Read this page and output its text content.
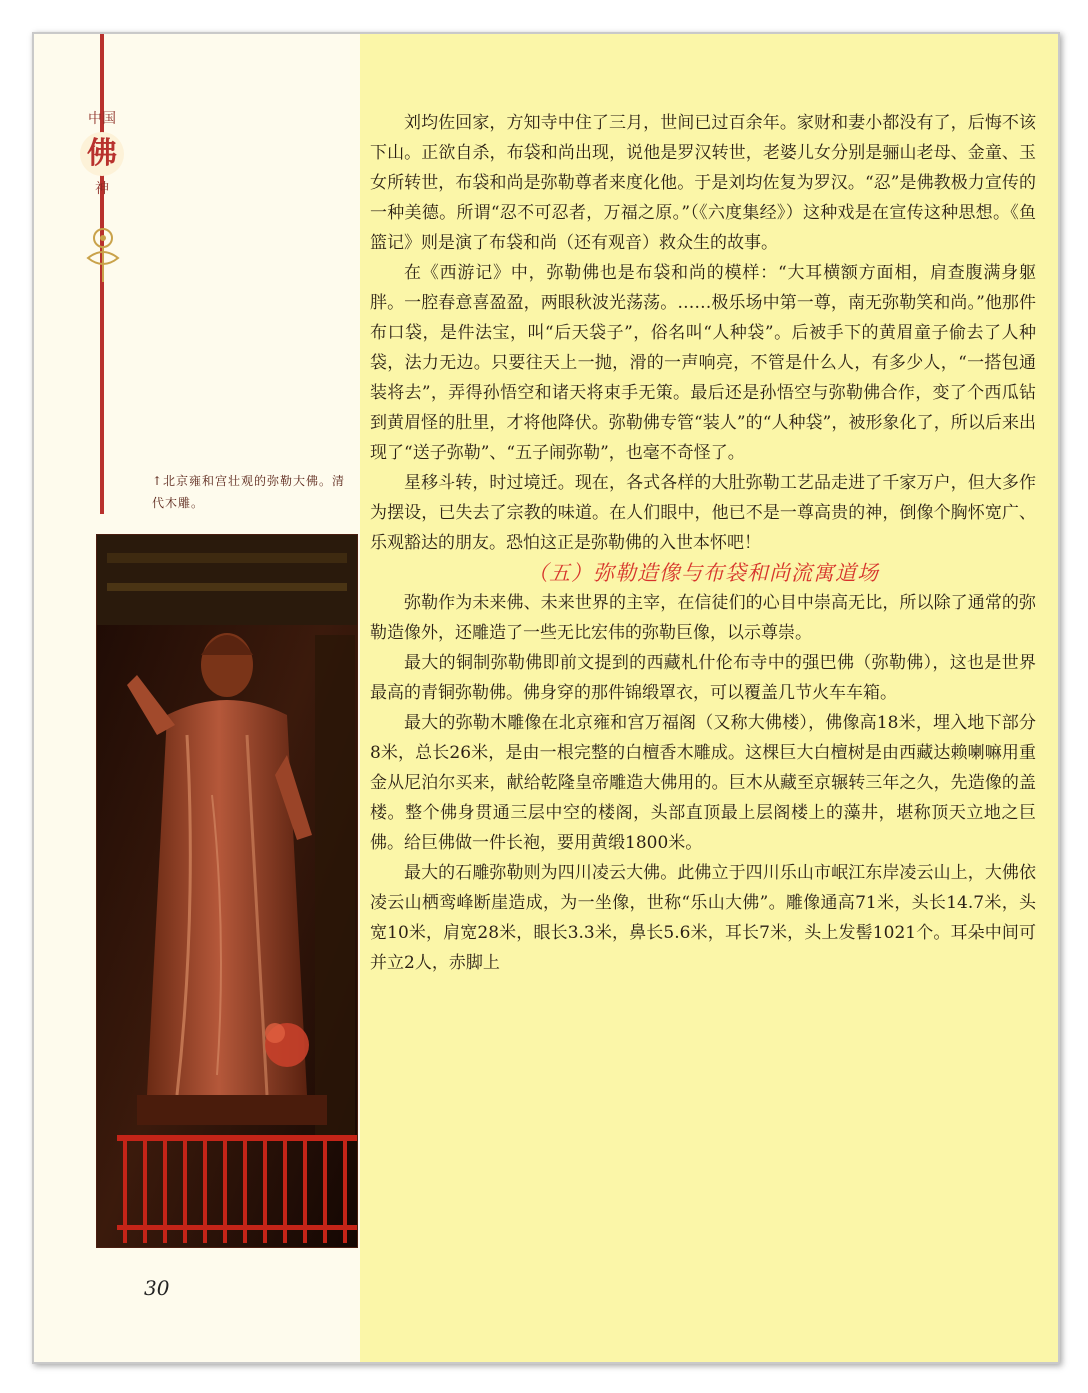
中国
佛
神
↑北京雍和宫壮观的弥勒大佛。清代木雕。
30

刘均佐回家，方知寺中住了三月，世间已过百余年。家财和妻小都没有了，后悔不该下山。正欲自杀，布袋和尚出现，说他是罗汉转世，老婆儿女分别是骊山老母、金童、玉女所转世，布袋和尚是弥勒尊者来度化他。于是刘均佐复为罗汉。“忍”是佛教极力宣传的一种美德。所谓“忍不可忍者，万福之原。”（《六度集经》）这种戏是在宣传这种思想。《鱼篮记》则是演了布袋和尚（还有观音）救众生的故事。

在《西游记》中，弥勒佛也是布袋和尚的模样：“大耳横额方面相，肩查腹满身躯胖。一腔春意喜盈盈，两眼秋波光荡荡。……极乐场中第一尊，南无弥勒笑和尚。”他那件布口袋，是件法宝，叫“后天袋子”，俗名叫“人种袋”。后被手下的黄眉童子偷去了人种袋，法力无边。只要往天上一抛，滑的一声响亮，不管是什么人，有多少人，“一搭包通装将去”，弄得孙悟空和诸天将束手无策。最后还是孙悟空与弥勒佛合作，变了个西瓜钻到黄眉怪的肚里，才将他降伏。弥勒佛专管“装人”的“人种袋”，被形象化了，所以后来出现了“送子弥勒”、“五子闹弥勒”，也毫不奇怪了。

星移斗转，时过境迁。现在，各式各样的大肚弥勒工艺品走进了千家万户，但大多作为摆设，已失去了宗教的味道。在人们眼中，他已不是一尊高贵的神，倒像个胸怀宽广、乐观豁达的朋友。恐怕这正是弥勒佛的入世本怀吧！

（五）弥勒造像与布袋和尚流寓道场

弥勒作为未来佛、未来世界的主宰，在信徒们的心目中崇高无比，所以除了通常的弥勒造像外，还雕造了一些无比宏伟的弥勒巨像，以示尊崇。

最大的铜制弥勒佛即前文提到的西藏札什伦布寺中的强巴佛（弥勒佛），这也是世界最高的青铜弥勒佛。佛身穿的那件锦缎罩衣，可以覆盖几节火车车箱。

最大的弥勒木雕像在北京雍和宫万福阁（又称大佛楼），佛像高18米，埋入地下部分8米，总长26米，是由一根完整的白檀香木雕成。这棵巨大白檀树是由西藏达赖喇嘛用重金从尼泊尔买来，献给乾隆皇帝雕造大佛用的。巨木从藏至京辗转三年之久，先造像的盖楼。整个佛身贯通三层中空的楼阁，头部直顶最上层阁楼上的藻井，堪称顶天立地之巨佛。给巨佛做一件长袍，要用黄缎1800米。

最大的石雕弥勒则为四川凌云大佛。此佛立于四川乐山市岷江东岸凌云山上，大佛依凌云山栖鸾峰断崖造成，为一坐像，世称“乐山大佛”。雕像通高71米，头长14.7米，头宽10米，肩宽28米，眼长3.3米，鼻长5.6米，耳长7米，头上发髻1021个。耳朵中间可并立2人，赤脚上
